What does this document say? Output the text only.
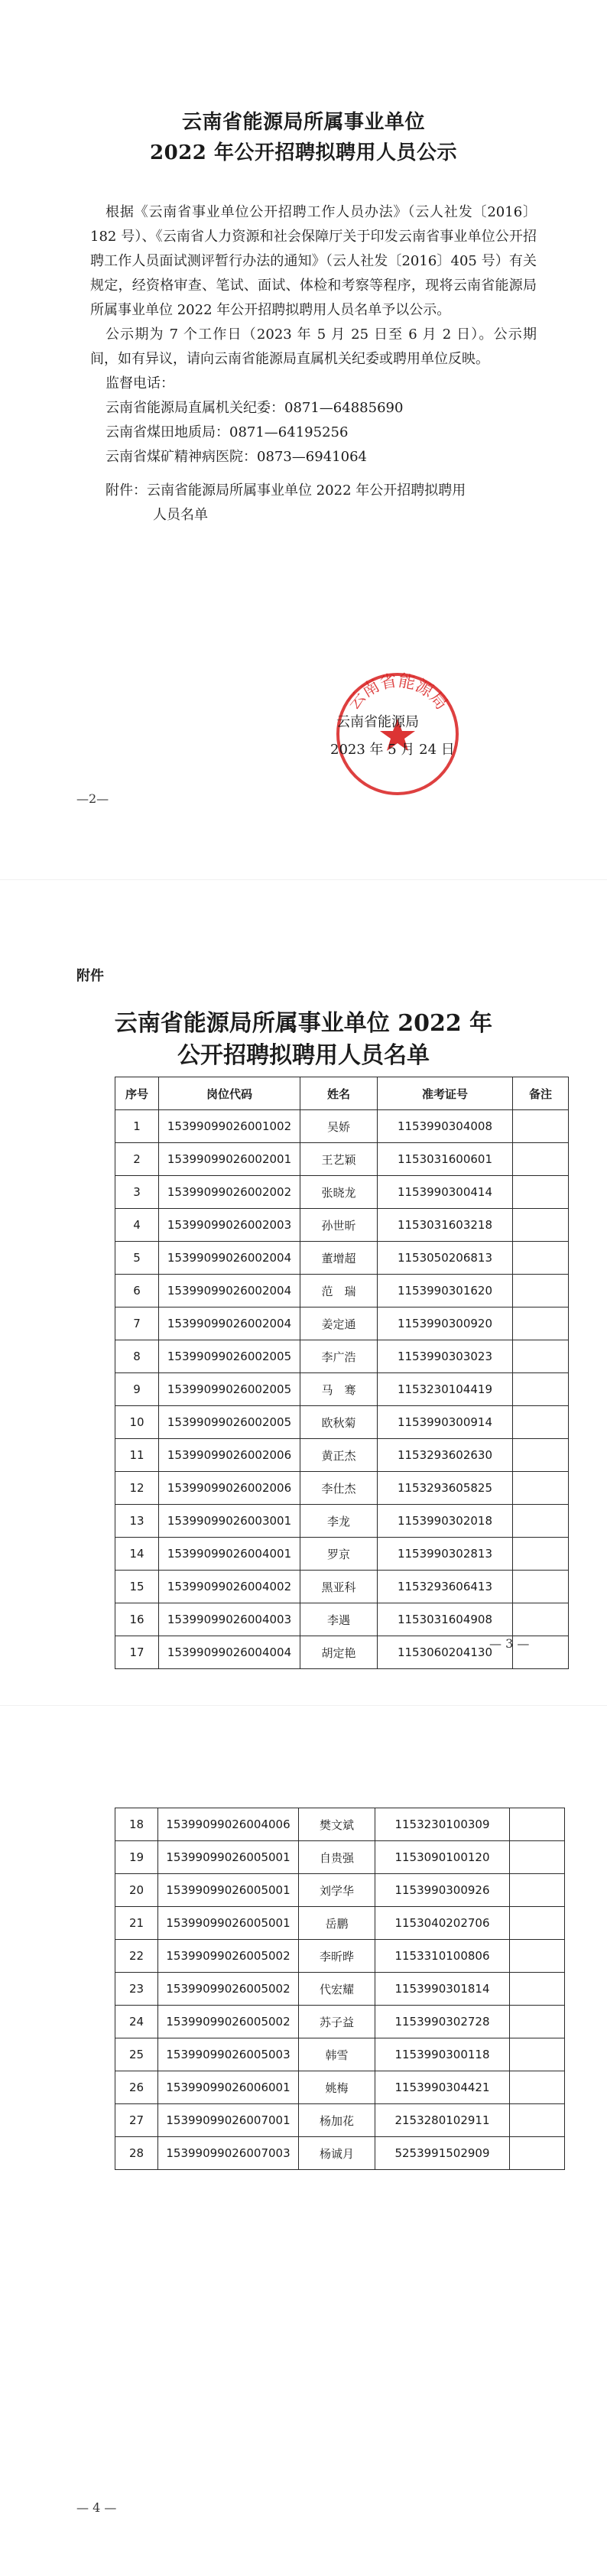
云南省能源局所属事业单位
2022 年公开招聘拟聘用人员公示

根据《云南省事业单位公开招聘工作人员办法》（云人社发〔2016〕182 号）、《云南省人力资源和社会保障厅关于印发云南省事业单位公开招聘工作人员面试测评暂行办法的通知》（云人社发〔2016〕405 号）有关规定，经资格审查、笔试、面试、体检和考察等程序，现将云南省能源局所属事业单位 2022 年公开招聘拟聘用人员名单予以公示。

公示期为 7 个工作日（2023 年 5 月 25 日至 6 月 2 日）。公示期间，如有异议，请向云南省能源局直属机关纪委或聘用单位反映。

监督电话：

云南省能源局直属机关纪委：0871—64885690

云南省煤田地质局：0871—64195256

云南省煤矿精神病医院：0873—6941064

附件：云南省能源局所属事业单位 2022 年公开招聘拟聘用

人员名单

云南省能源局
云南省能源局
2023 年 5 月 24 日
—2—
附件
云南省能源局所属事业单位 2022 年
公开招聘拟聘用人员名单
序号	岗位代码	姓名	准考证号	备注
1	15399099026001002	吴娇	1153990304008	
2	15399099026002001	王艺颖	1153031600601	
3	15399099026002002	张晓龙	1153990300414	
4	15399099026002003	孙世昕	1153031603218	
5	15399099026002004	董增超	1153050206813	
6	15399099026002004	范　瑞	1153990301620	
7	15399099026002004	姜定通	1153990300920	
8	15399099026002005	李广浩	1153990303023	
9	15399099026002005	马　骞	1153230104419	
10	15399099026002005	欧秋菊	1153990300914	
11	15399099026002006	黄正杰	1153293602630	
12	15399099026002006	李仕杰	1153293605825	
13	15399099026003001	李龙	1153990302018	
14	15399099026004001	罗京	1153990302813	
15	15399099026004002	黑亚科	1153293606413	
16	15399099026004003	李遇	1153031604908	
17	15399099026004004	胡定艳	1153060204130	
— 3 —
18	15399099026004006	樊文斌	1153230100309	
19	15399099026005001	自贵强	1153090100120	
20	15399099026005001	刘学华	1153990300926	
21	15399099026005001	岳鹏	1153040202706	
22	15399099026005002	李昕晔	1153310100806	
23	15399099026005002	代宏耀	1153990301814	
24	15399099026005002	苏子益	1153990302728	
25	15399099026005003	韩雪	1153990300118	
26	15399099026006001	姚梅	1153990304421	
27	15399099026007001	杨加花	2153280102911	
28	15399099026007003	杨诚月	5253991502909	
— 4 —
